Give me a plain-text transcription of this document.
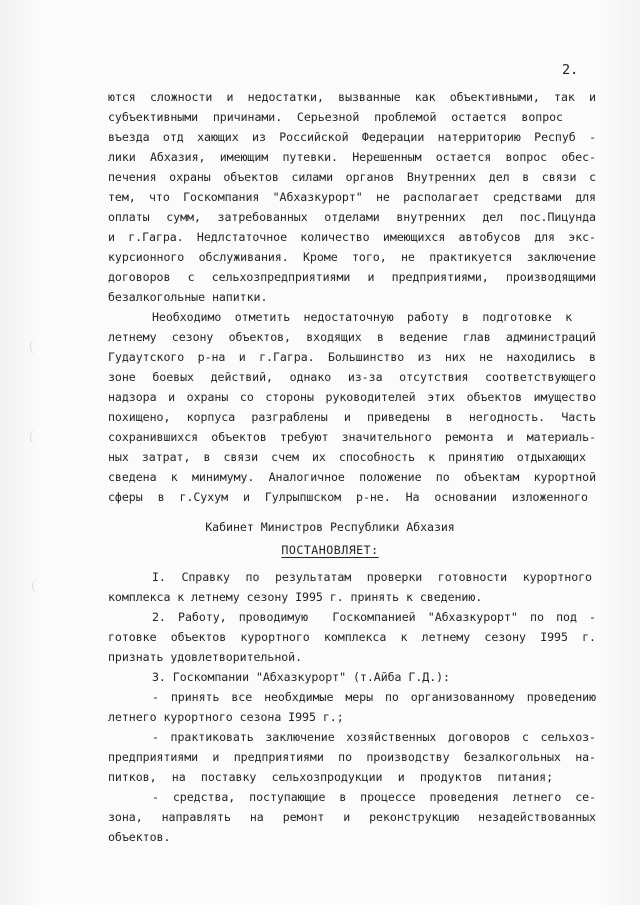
2.
ются сложности и недостатки, вызванные как объективными, так и
субъективными причинами. Серьезной проблемой остается вопрос
въезда отд хающих из Российской Федерации натерриторию Респуб -
лики Абхазия, имеющим путевки. Нерешенным остается вопрос обес-
печения охраны объектов силами органов Внутренних дел в связи с
тем, что Госкомпания "Абхазкурорт" не располагает средствами для
оплаты сумм, затребованных отделами внутренних дел пос.Пицунда
и г.Гагра. Недлстаточное количество имеющихся автобусов для экс-
курсионного обслуживания. Кроме того, не практикуется заключение
договоров с сельхозпредприятиями и предприятиями, производящими
безалкогольные напитки.
Необходимо отметить недостаточную работу в подготовке к
летнему сезону объектов, входящих в ведение глав администраций
Гудаутского р-на и г.Гагра. Большинство из них не находились в
зоне боевых действий, однако из-за отсутствия соответствующего
надзора и охраны со стороны руководителей этих объектов имущество
похищено, корпуса разграблены и приведены в негодность. Часть
сохранившихся объектов требуют значительного ремонта и материаль-
ных затрат, в связи счем их способность к принятию отдыхающих
сведена к минимуму. Аналогичное положение по объектам курортной
сферы в г.Сухум и Гулрыпшском р-не. На основании изложенного
Кабинет Министров Республики Абхазия
ПОСТАНОВЛЯЕТ:
I. Справку по результатам проверки готовности курортного
комплекса к летнему сезону I995 г. принять к сведению.
2. Работу, проводимую  Госкомпанией "Абхазкурорт" по под -
готовке объектов курортного комплекса к летнему сезону I995 г.
признать удовлетворительной.
3. Госкомпании "Абхазкурорт" (т.Айба Г.Д.):
- принять все необхдимые меры по организованному проведению
летнего курортного сезона I995 г.;
- практиковать заключение хозяйственных договоров с сельхоз-
предприятиями и предприятиями по производству безалкогольных на-
питков, на поставку сельхозпродукции и продуктов питания;
- средства, поступающие в процессе проведения летнего се-
зона, направлять на ремонт и реконструкцию незадействованных
объектов.
